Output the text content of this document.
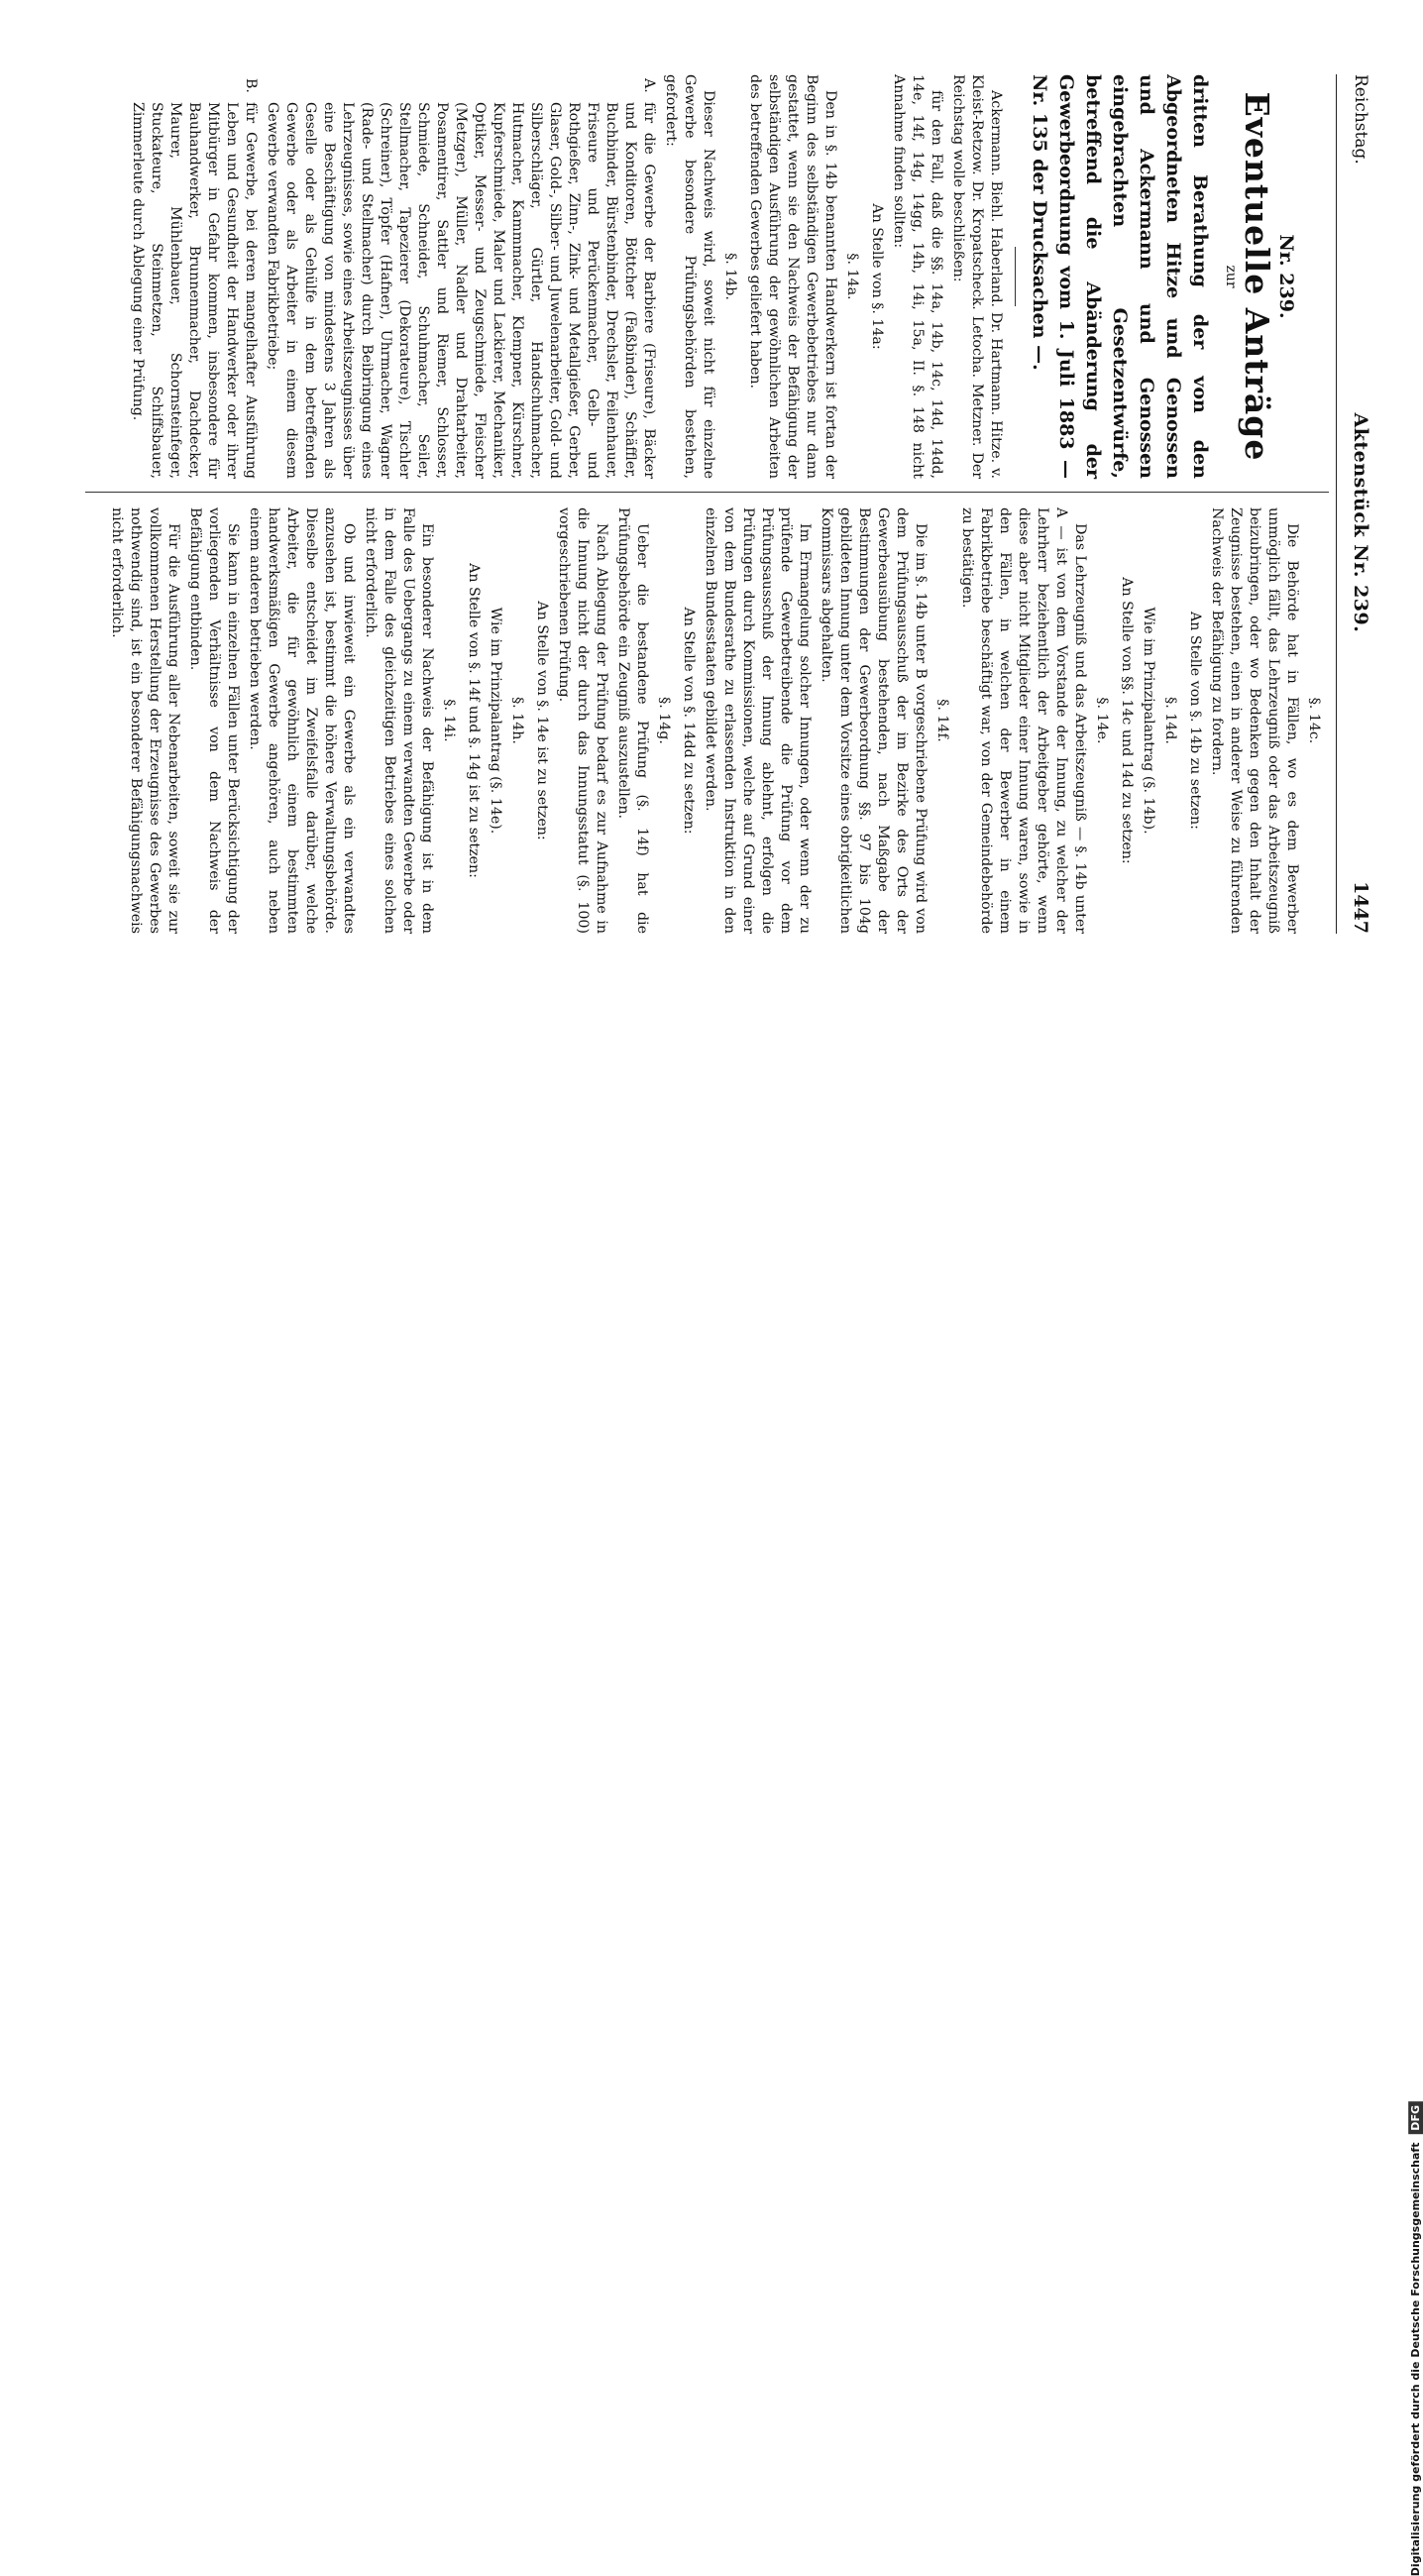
Reichstag.
Aktenstück Nr. 239.
1447
Nr. 239.
Eventuelle Anträge
zur

dritten Berathung der von den Abgeordneten Hitze und Genossen und Ackermann und Genossen eingebrachten Gesetzentwürfe, betreffend die Abänderung der Gewerbeordnung vom 1. Juli 1883 — Nr. 135 der Drucksachen —.

Ackermann. Biehl. Haberland. Dr. Hartmann. Hitze. v. Kleist-Retzow. Dr. Kropatscheck. Letocha. Metzner. Der Reichstag wolle beschließen:

für den Fall, daß die §§. 14a, 14b, 14c, 14d, 14dd, 14e, 14f, 14g, 14gg, 14h, 14i, 15a, II. §. 148 nicht Annahme finden sollten:

An Stelle von §. 14a:

§. 14a.

Den in §. 14b benannten Handwerkern ist fortan der Beginn des selbständigen Gewerbebetriebes nur dann gestattet, wenn sie den Nachweis der Befähigung der selbständigen Ausführung der gewöhnlichen Arbeiten des betreffenden Gewerbes geliefert haben.

§. 14b.

Dieser Nachweis wird, soweit nicht für einzelne Gewerbe besondere Prüfungsbehörden bestehen, gefordert:

A.
für die Gewerbe der Barbiere (Friseure), Bäcker und Konditoren, Böttcher (Faßbinder), Schäffler, Buchbinder, Bürstenbinder, Drechsler, Feilenhauer, Friseure und Perückenmacher, Gelb- und Rothgießer, Zinn-, Zink- und Metallgießer, Gerber, Glaser, Gold-, Silber- und Juwelenarbeiter, Gold- und Silberschläger, Gürtler, Handschuhmacher, Hutmacher, Kammmacher, Klempner, Kürschner, Kupferschmiede, Maler und Lackierer, Mechaniker, Optiker, Messer- und Zeugschmiede, Fleischer (Metzger), Müller, Nadler und Drahtarbeiter, Posamentirer, Sattler und Riemer, Schlosser, Schmiede, Schneider, Schuhmacher, Seiler, Stellmacher, Tapezierer (Dekorateure), Tischler (Schreiner), Töpfer (Hafner), Uhrmacher, Wagner (Rade- und Stellmacher) durch Beibringung eines Lehrzeugnisses, sowie eines Arbeitszeugnisses über eine Beschäftigung von mindestens 3 Jahren als Geselle oder als Gehülfe in dem betreffenden Gewerbe oder als Arbeiter in einem diesem Gewerbe verwandten Fabrikbetriebe;
B.
für Gewerbe, bei deren mangelhafter Ausführung Leben und Gesundheit der Handwerker oder ihrer Mitbürger in Gefahr kommen, insbesondere für Bauhandwerker, Brunnenmacher, Dachdecker, Maurer, Mühlenbauer, Schornsteinfeger, Stuckateure, Steinmetzen, Schiffsbauer, Zimmerleute durch Ablegung einer Prüfung.

§. 14c.

Die Behörde hat in Fällen, wo es dem Bewerber unmöglich fällt, das Lehrzeugniß oder das Arbeitszeugniß beizubringen, oder wo Bedenken gegen den Inhalt der Zeugnisse bestehen, einen in anderer Weise zu führenden Nachweis der Befähigung zu fordern.

An Stelle von §. 14b zu setzen:

§. 14d.

Wie im Prinzipalantrag (§. 14b).

An Stelle von §§. 14c und 14d zu setzen:

§. 14e.

Das Lehrzeugniß und das Arbeitszeugniß — §. 14b unter A — ist von dem Vorstande der Innung, zu welcher der Lehrherr beziehentlich der Arbeitgeber gehörte, wenn diese aber nicht Mitglieder einer Innung waren, sowie in den Fällen, in welchen der Bewerber in einem Fabrikbetriebe beschäftigt war, von der Gemeindebehörde zu bestätigen.

§. 14f.

Die im §. 14b unter B vorgeschriebene Prüfung wird von dem Prüfungsausschuß der im Bezirke des Orts der Gewerbeausübung bestehenden, nach Maßgabe der Bestimmungen der Gewerbeordnung §§. 97 bis 104g gebildeten Innung unter dem Vorsitze eines obrigkeitlichen Kommissars abgehalten.

Im Ermangelung solcher Innungen, oder wenn der zu prüfende Gewerbetreibende die Prüfung vor dem Prüfungsausschuß der Innung ablehnt, erfolgen die Prüfungen durch Kommissionen, welche auf Grund einer von dem Bundesrathe zu erlassenden Instruktion in den einzelnen Bundesstaaten gebildet werden.

An Stelle von §. 14dd zu setzen:

§. 14g.

Ueber die bestandene Prüfung (§. 14f) hat die Prüfungsbehörde ein Zeugniß auszustellen.

Nach Ablegung der Prüfung bedarf es zur Aufnahme in die Innung nicht der durch das Innungsstatut (§. 100) vorgeschriebenen Prüfung.

An Stelle von §. 14e ist zu setzen:

§. 14h.

Wie im Prinzipalantrag (§. 14e).

An Stelle von §. 14f und §. 14g ist zu setzen:

§. 14i.

Ein besonderer Nachweis der Befähigung ist in dem Falle des Uebergangs zu einem verwandten Gewerbe oder in dem Falle des gleichzeitigen Betriebes eines solchen nicht erforderlich.

Ob und inwieweit ein Gewerbe als ein verwandtes anzusehen ist, bestimmt die höhere Verwaltungsbehörde. Dieselbe entscheidet im Zweifelsfalle darüber, welche Arbeiter, die für gewöhnlich einem bestimmten handwerksmäßigen Gewerbe angehören, auch neben einem anderen betrieben werden.

Sie kann in einzelnen Fällen unter Berücksichtigung der vorliegenden Verhältnisse von dem Nachweis der Befähigung entbinden.

Für die Ausführung aller Nebenarbeiten, soweit sie zur vollkommenen Herstellung der Erzeugnisse des Gewerbes nothwendig sind, ist ein besonderer Befähigungsnachweis nicht erforderlich.

Digitalisierung gefördert durch die Deutsche Forschungsgemeinschaft DFG
